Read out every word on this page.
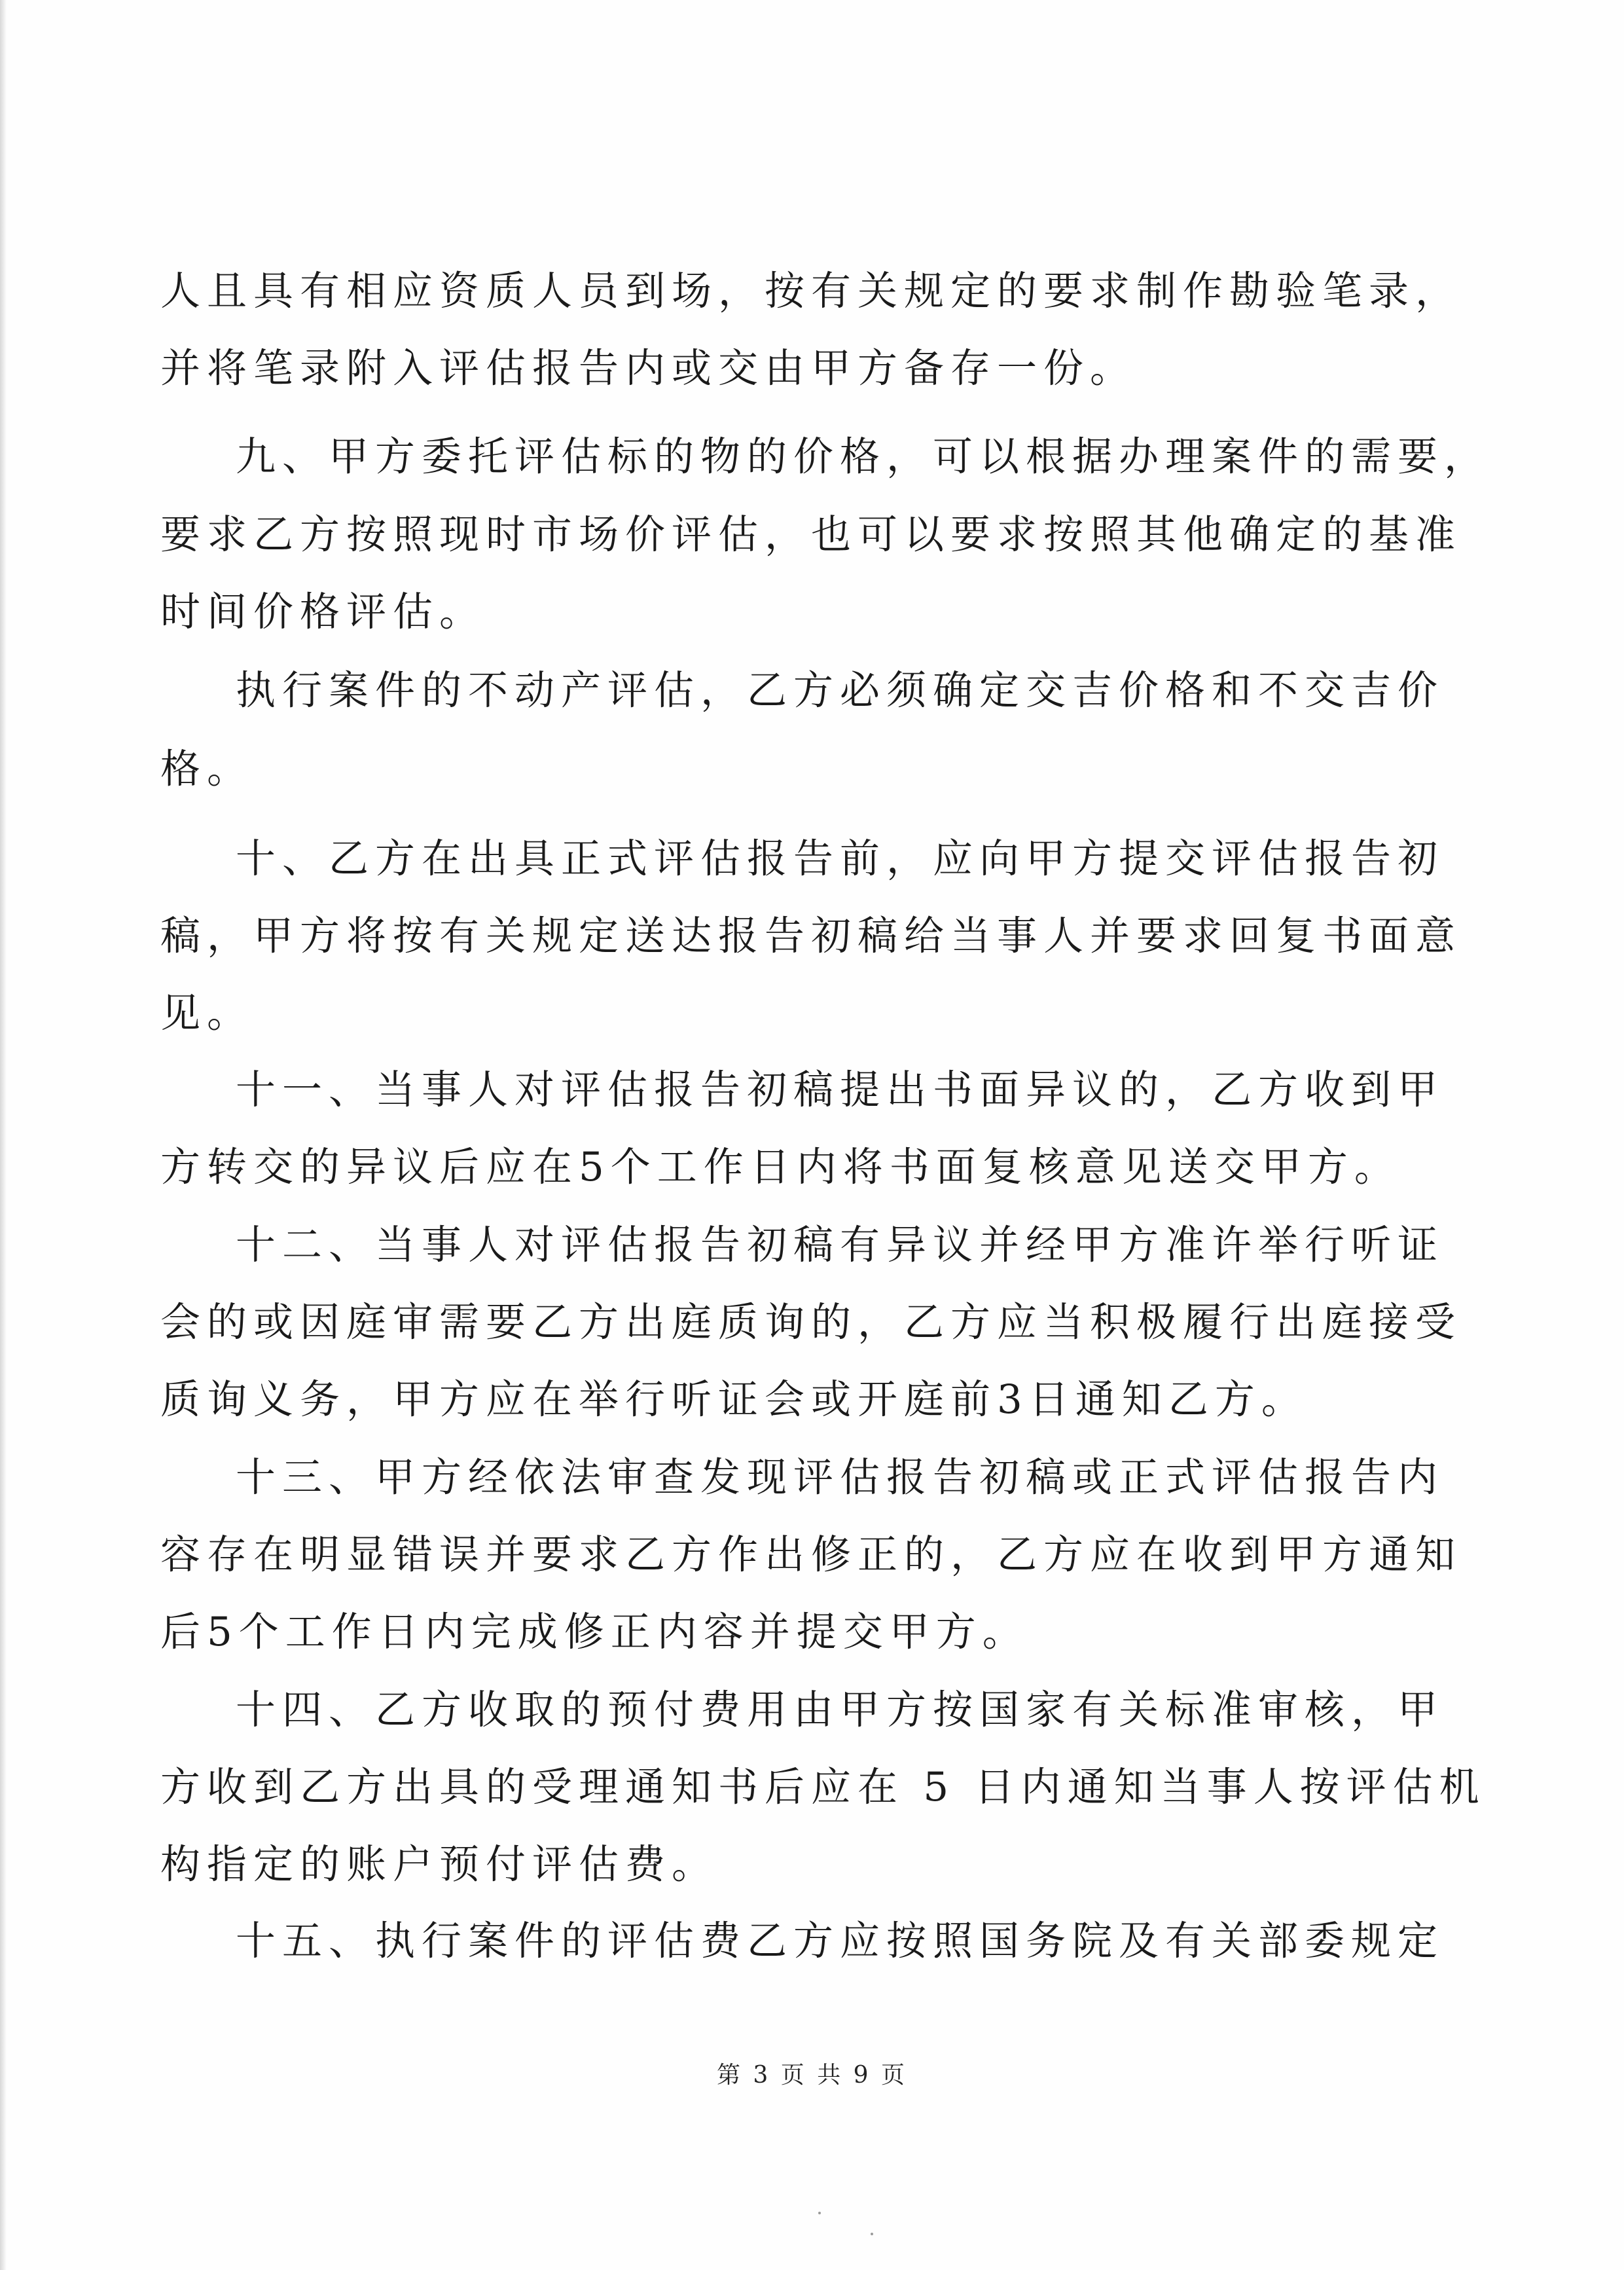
人且具有相应资质人员到场，按有关规定的要求制作勘验笔录，
并将笔录附入评估报告内或交由甲方备存一份。
九、甲方委托评估标的物的价格，可以根据办理案件的需要，
要求乙方按照现时市场价评估，也可以要求按照其他确定的基准
时间价格评估。
执行案件的不动产评估，乙方必须确定交吉价格和不交吉价
格。
十、乙方在出具正式评估报告前，应向甲方提交评估报告初
稿，甲方将按有关规定送达报告初稿给当事人并要求回复书面意
见。
十一、当事人对评估报告初稿提出书面异议的，乙方收到甲
方转交的异议后应在5个工作日内将书面复核意见送交甲方。
十二、当事人对评估报告初稿有异议并经甲方准许举行听证
会的或因庭审需要乙方出庭质询的，乙方应当积极履行出庭接受
质询义务，甲方应在举行听证会或开庭前3日通知乙方。
十三、甲方经依法审查发现评估报告初稿或正式评估报告内
容存在明显错误并要求乙方作出修正的，乙方应在收到甲方通知
后5个工作日内完成修正内容并提交甲方。
十四、乙方收取的预付费用由甲方按国家有关标准审核，甲
方收到乙方出具的受理通知书后应在 5 日内通知当事人按评估机
构指定的账户预付评估费。
十五、执行案件的评估费乙方应按照国务院及有关部委规定
第 3 页 共 9 页
